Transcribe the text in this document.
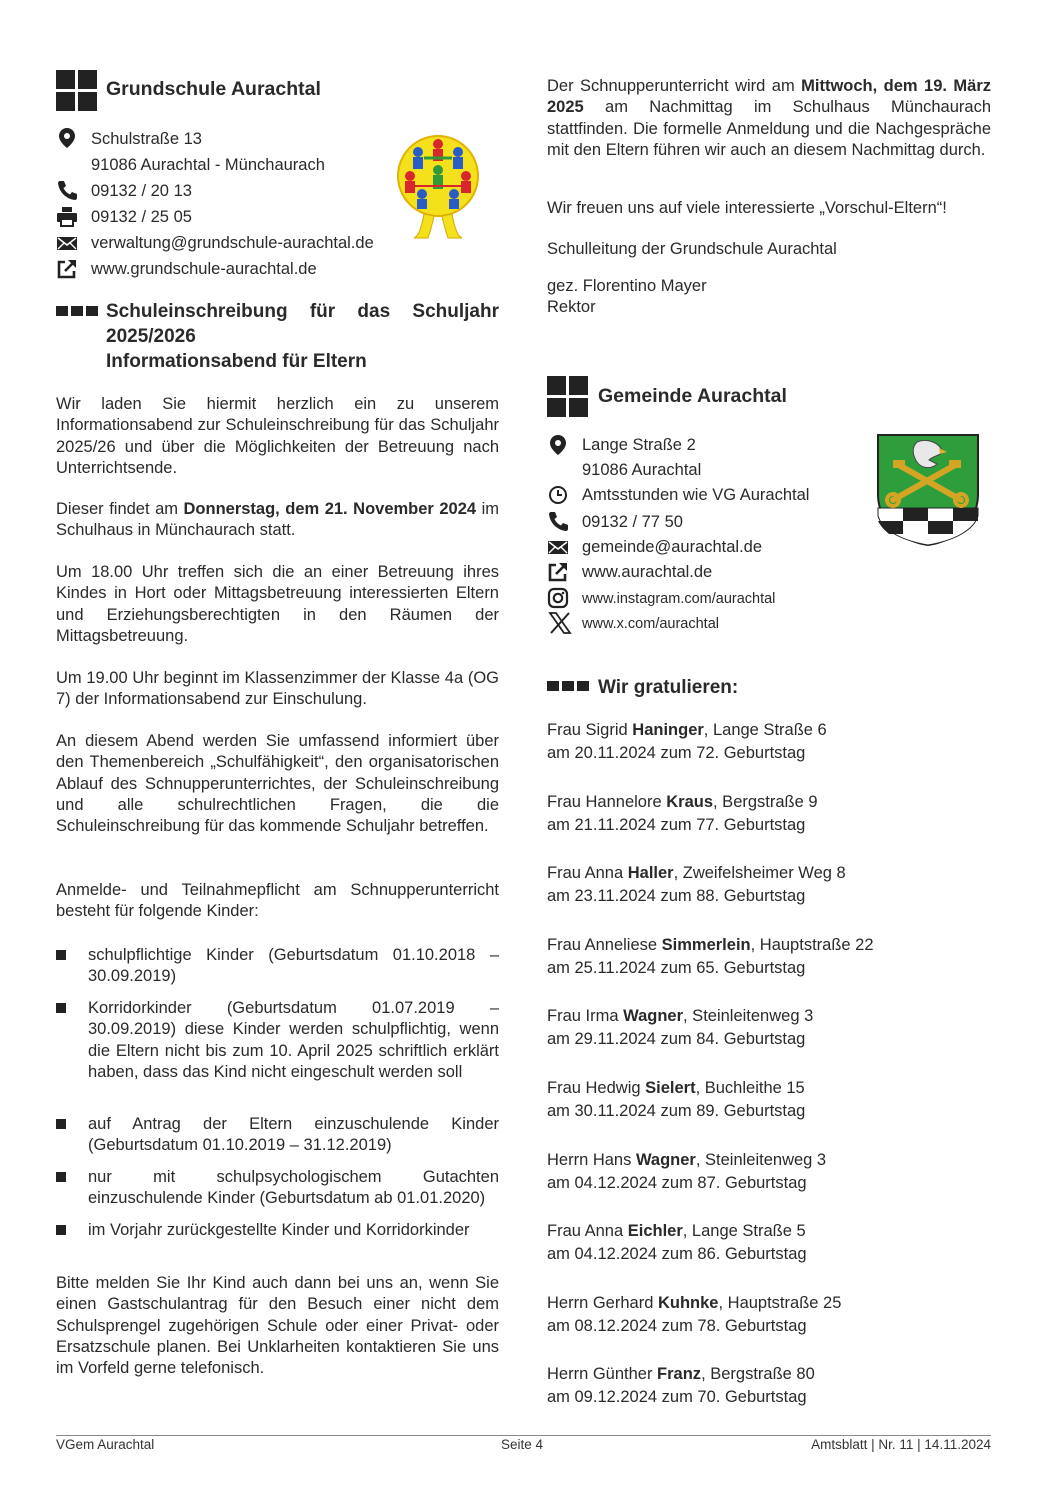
Grundschule Aurachtal
Schulstraße 13
91086 Aurachtal - Münchaurach
09132 / 20 13
09132 / 25 05
verwaltung@grundschule-aurachtal.de
www.grundschule-aurachtal.de
Schuleinschreibung für das Schuljahr
2025/2026
Informationsabend für Eltern
Wir laden Sie hiermit herzlich ein zu unserem Informationsabend zur Schuleinschreibung für das Schuljahr 2025/26 und über die Möglichkeiten der Betreuung nach Unterrichtsende.
Dieser findet am Donnerstag, dem 21. November 2024 im Schulhaus in Münchaurach statt.
Um 18.00 Uhr treffen sich die an einer Betreuung ihres Kindes in Hort oder Mittagsbetreuung interessierten Eltern und Erziehungsberechtigten in den Räumen der Mittagsbetreuung.
Um 19.00 Uhr beginnt im Klassenzimmer der Klasse 4a (OG 7) der Informationsabend zur Einschulung.
An diesem Abend werden Sie umfassend informiert über den Themenbereich „Schulfähigkeit“, den organisatorischen Ablauf des Schnupperunterrichtes, der Schuleinschreibung und alle schulrechtlichen Fragen, die die Schuleinschreibung für das kommende Schuljahr betreffen.
Anmelde- und Teilnahmepflicht am Schnupperunterricht besteht für folgende Kinder:
schulpflichtige Kinder (Geburtsdatum 01.10.2018 – 30.09.2019)
Korridorkinder (Geburtsdatum 01.07.2019 – 30.09.2019) diese Kinder werden schulpflichtig, wenn die Eltern nicht bis zum 10. April 2025 schriftlich erklärt haben, dass das Kind nicht eingeschult werden soll
auf Antrag der Eltern einzuschulende Kinder (Geburtsdatum 01.10.2019 – 31.12.2019)
nur mit schulpsychologischem Gutachten einzuschulende Kinder (Geburtsdatum ab 01.01.2020)
im Vorjahr zurückgestellte Kinder und Korridorkinder
Bitte melden Sie Ihr Kind auch dann bei uns an, wenn Sie einen Gastschulantrag für den Besuch einer nicht dem Schulsprengel zugehörigen Schule oder einer Privat- oder Ersatzschule planen. Bei Unklarheiten kontaktieren Sie uns im Vorfeld gerne telefonisch.
Der Schnupperunterricht wird am Mittwoch, dem 19. März 2025 am Nachmittag im Schulhaus Münchaurach stattfinden. Die formelle Anmeldung und die Nachgespräche mit den Eltern führen wir auch an diesem Nachmittag durch.
Wir freuen uns auf viele interessierte „Vorschul-Eltern“!
Schulleitung der Grundschule Aurachtal
gez. Florentino Mayer
Rektor
Gemeinde Aurachtal
Lange Straße 2
91086 Aurachtal
Amtsstunden wie VG Aurachtal
09132 / 77 50
gemeinde@aurachtal.de
www.aurachtal.de
www.instagram.com/aurachtal
www.x.com/aurachtal
Wir gratulieren:
Frau Sigrid Haninger, Lange Straße 6
am 20.11.2024 zum 72. Geburtstag
Frau Hannelore Kraus, Bergstraße 9
am 21.11.2024 zum 77. Geburtstag
Frau Anna Haller, Zweifelsheimer Weg 8
am 23.11.2024 zum 88. Geburtstag
Frau Anneliese Simmerlein, Hauptstraße 22
am 25.11.2024 zum 65. Geburtstag
Frau Irma Wagner, Steinleitenweg 3
am 29.11.2024 zum 84. Geburtstag
Frau Hedwig Sielert, Buchleithe 15
am 30.11.2024 zum 89. Geburtstag
Herrn Hans Wagner, Steinleitenweg 3
am 04.12.2024 zum 87. Geburtstag
Frau Anna Eichler, Lange Straße 5
am 04.12.2024 zum 86. Geburtstag
Herrn Gerhard Kuhnke, Hauptstraße 25
am 08.12.2024 zum 78. Geburtstag
Herrn Günther Franz, Bergstraße 80
am 09.12.2024 zum 70. Geburtstag
VGem Aurachtal	Seite 4	Amtsblatt | Nr. 11 | 14.11.2024
